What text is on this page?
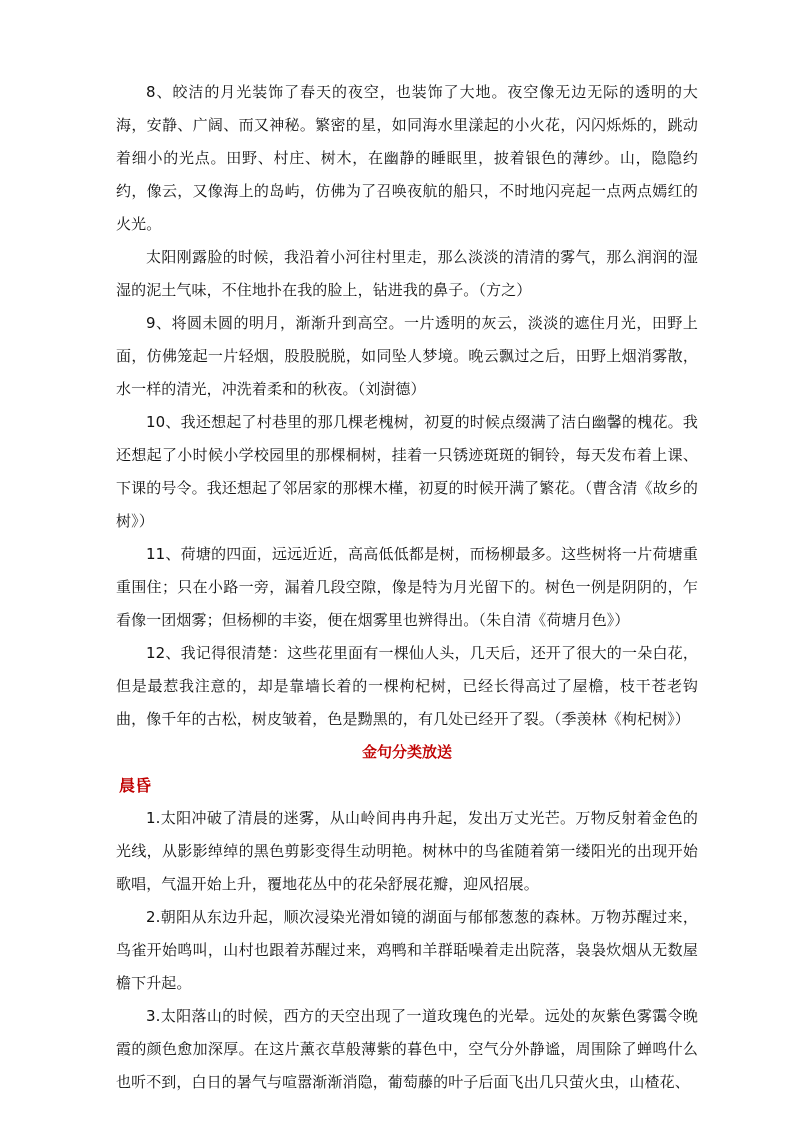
8、皎洁的月光装饰了春天的夜空，也装饰了大地。夜空像无边无际的透明的大海，安静、广阔、而又神秘。繁密的星，如同海水里漾起的小火花，闪闪烁烁的，跳动着细小的光点。田野、村庄、树木，在幽静的睡眠里，披着银色的薄纱。山，隐隐约约，像云，又像海上的岛屿，仿佛为了召唤夜航的船只，不时地闪亮起一点两点嫣红的火光。

太阳刚露脸的时候，我沿着小河往村里走，那么淡淡的清清的雾气，那么润润的湿湿的泥土气味，不住地扑在我的脸上，钻进我的鼻子。（方之）

9、将圆未圆的明月，渐渐升到高空。一片透明的灰云，淡淡的遮住月光，田野上面，仿佛笼起一片轻烟，股股脱脱，如同坠人梦境。晚云飘过之后，田野上烟消雾散，水一样的清光，冲洗着柔和的秋夜。（刘澍德）

10、我还想起了村巷里的那几棵老槐树，初夏的时候点缀满了洁白幽馨的槐花。我还想起了小时候小学校园里的那棵桐树，挂着一只锈迹斑斑的铜铃，每天发布着上课、下课的号令。我还想起了邻居家的那棵木槿，初夏的时候开满了繁花。（曹含清《故乡的树》）

11、荷塘的四面，远远近近，高高低低都是树，而杨柳最多。这些树将一片荷塘重重围住；只在小路一旁，漏着几段空隙，像是特为月光留下的。树色一例是阴阴的，乍看像一团烟雾；但杨柳的丰姿，便在烟雾里也辨得出。（朱自清《荷塘月色》）

12、我记得很清楚：这些花里面有一棵仙人头，几天后，还开了很大的一朵白花，但是最惹我注意的，却是靠墙长着的一棵枸杞树，已经长得高过了屋檐，枝干苍老钩曲，像千年的古松，树皮皱着，色是黝黑的，有几处已经开了裂。（季羡林《枸杞树》）

金句分类放送
晨昏

1.太阳冲破了清晨的迷雾，从山岭间冉冉升起，发出万丈光芒。万物反射着金色的光线，从影影绰绰的黑色剪影变得生动明艳。树林中的鸟雀随着第一缕阳光的出现开始歌唱，气温开始上升，覆地花丛中的花朵舒展花瓣，迎风招展。

2.朝阳从东边升起，顺次浸染光滑如镜的湖面与郁郁葱葱的森林。万物苏醒过来，鸟雀开始鸣叫，山村也跟着苏醒过来，鸡鸭和羊群聒噪着走出院落，袅袅炊烟从无数屋檐下升起。

3.太阳落山的时候，西方的天空出现了一道玫瑰色的光晕。远处的灰紫色雾霭令晚霞的颜色愈加深厚。在这片薰衣草般薄紫的暮色中，空气分外静谧，周围除了蝉鸣什么也听不到，白日的暑气与喧嚣渐渐消隐，葡萄藤的叶子后面飞出几只萤火虫，山楂花、
